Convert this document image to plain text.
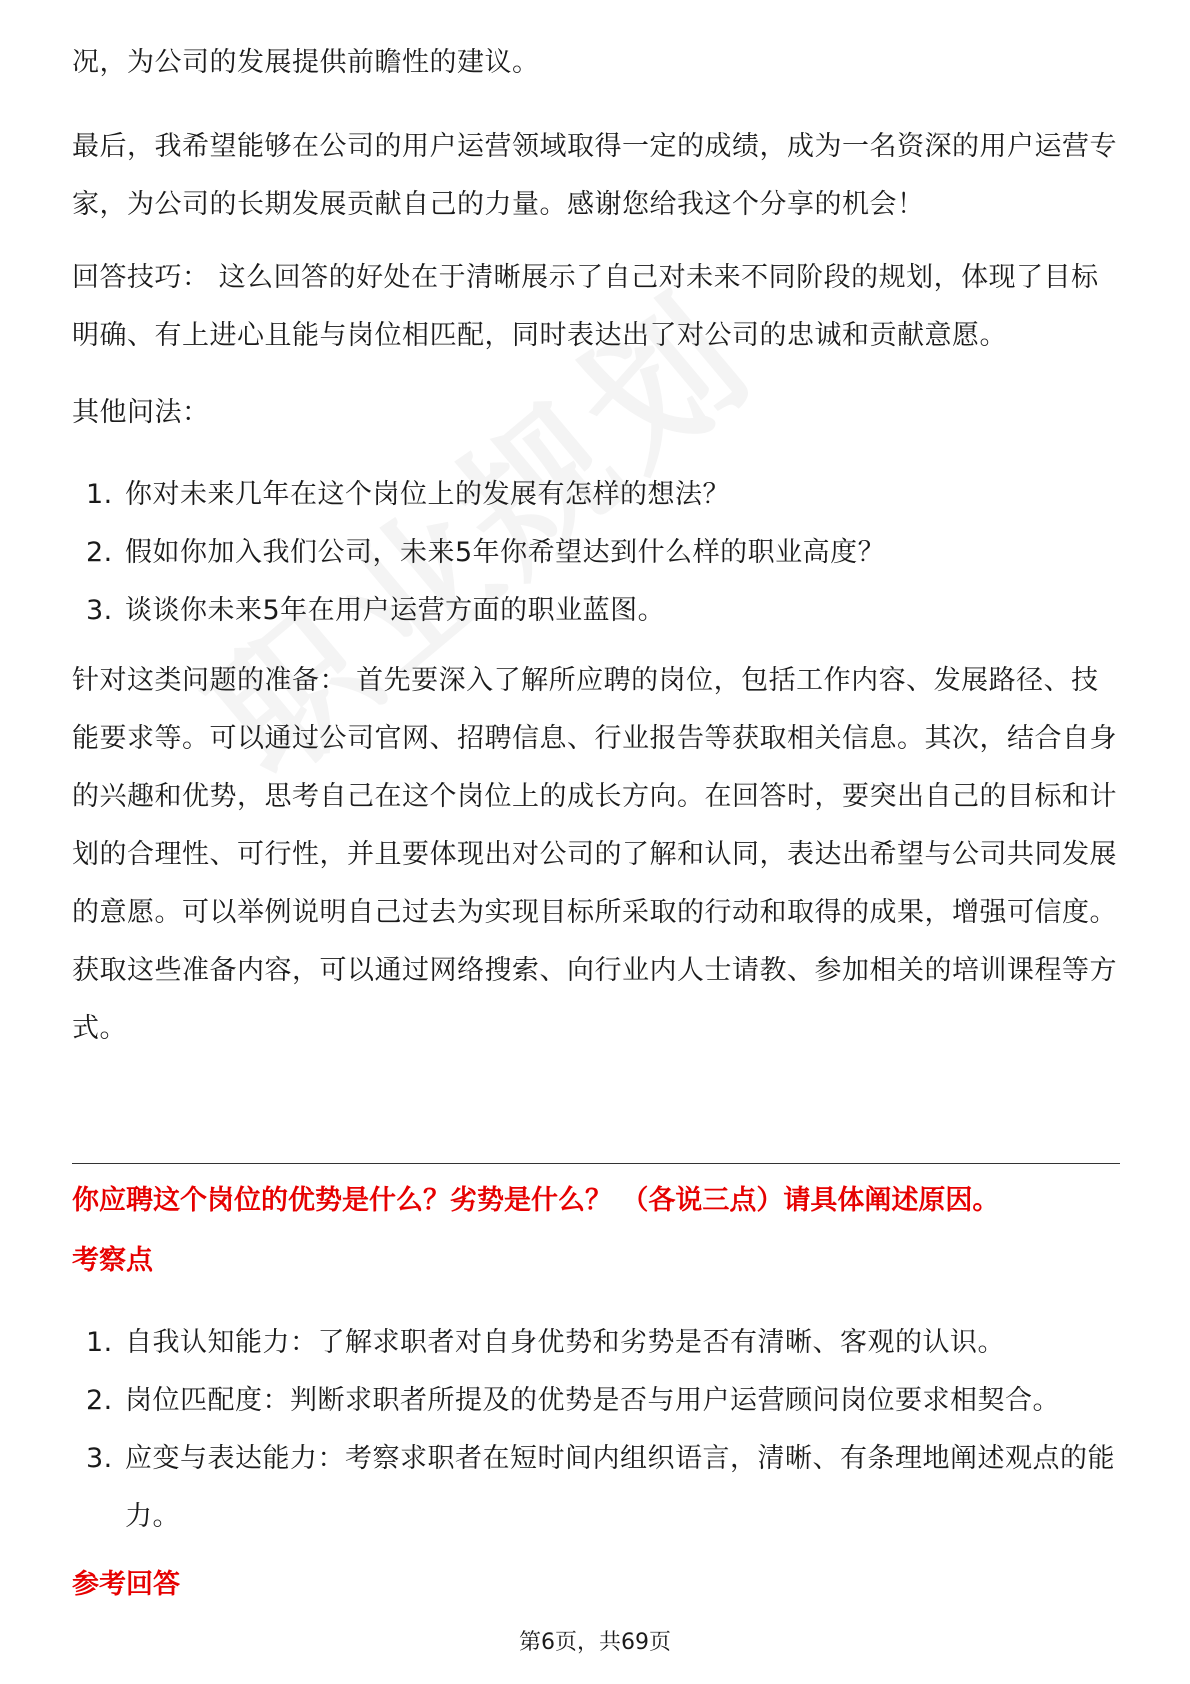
况，为公司的发展提供前瞻性的建议。

最后，我希望能够在公司的用户运营领域取得一定的成绩，成为一名资深的用户运营专家，为公司的长期发展贡献自己的力量。感谢您给我这个分享的机会！

回答技巧： 这么回答的好处在于清晰展示了自己对未来不同阶段的规划，体现了目标明确、有上进心且能与岗位相匹配，同时表达出了对公司的忠诚和贡献意愿。

其他问法：

1. 你对未来几年在这个岗位上的发展有怎样的想法？
2. 假如你加入我们公司，未来5年你希望达到什么样的职业高度？
3. 谈谈你未来5年在用户运营方面的职业蓝图。

针对这类问题的准备： 首先要深入了解所应聘的岗位，包括工作内容、发展路径、技能要求等。可以通过公司官网、招聘信息、行业报告等获取相关信息。其次，结合自身的兴趣和优势，思考自己在这个岗位上的成长方向。在回答时，要突出自己的目标和计划的合理性、可行性，并且要体现出对公司的了解和认同，表达出希望与公司共同发展的意愿。可以举例说明自己过去为实现目标所采取的行动和取得的成果，增强可信度。获取这些准备内容，可以通过网络搜索、向行业内人士请教、参加相关的培训课程等方式。

你应聘这个岗位的优势是什么？劣势是什么？ （各说三点）请具体阐述原因。

考察点

1. 自我认知能力：了解求职者对自身优势和劣势是否有清晰、客观的认识。
2. 岗位匹配度：判断求职者所提及的优势是否与用户运营顾问岗位要求相契合。
3. 应变与表达能力：考察求职者在短时间内组织语言，清晰、有条理地阐述观点的能力。

参考回答

第6页，共69页
